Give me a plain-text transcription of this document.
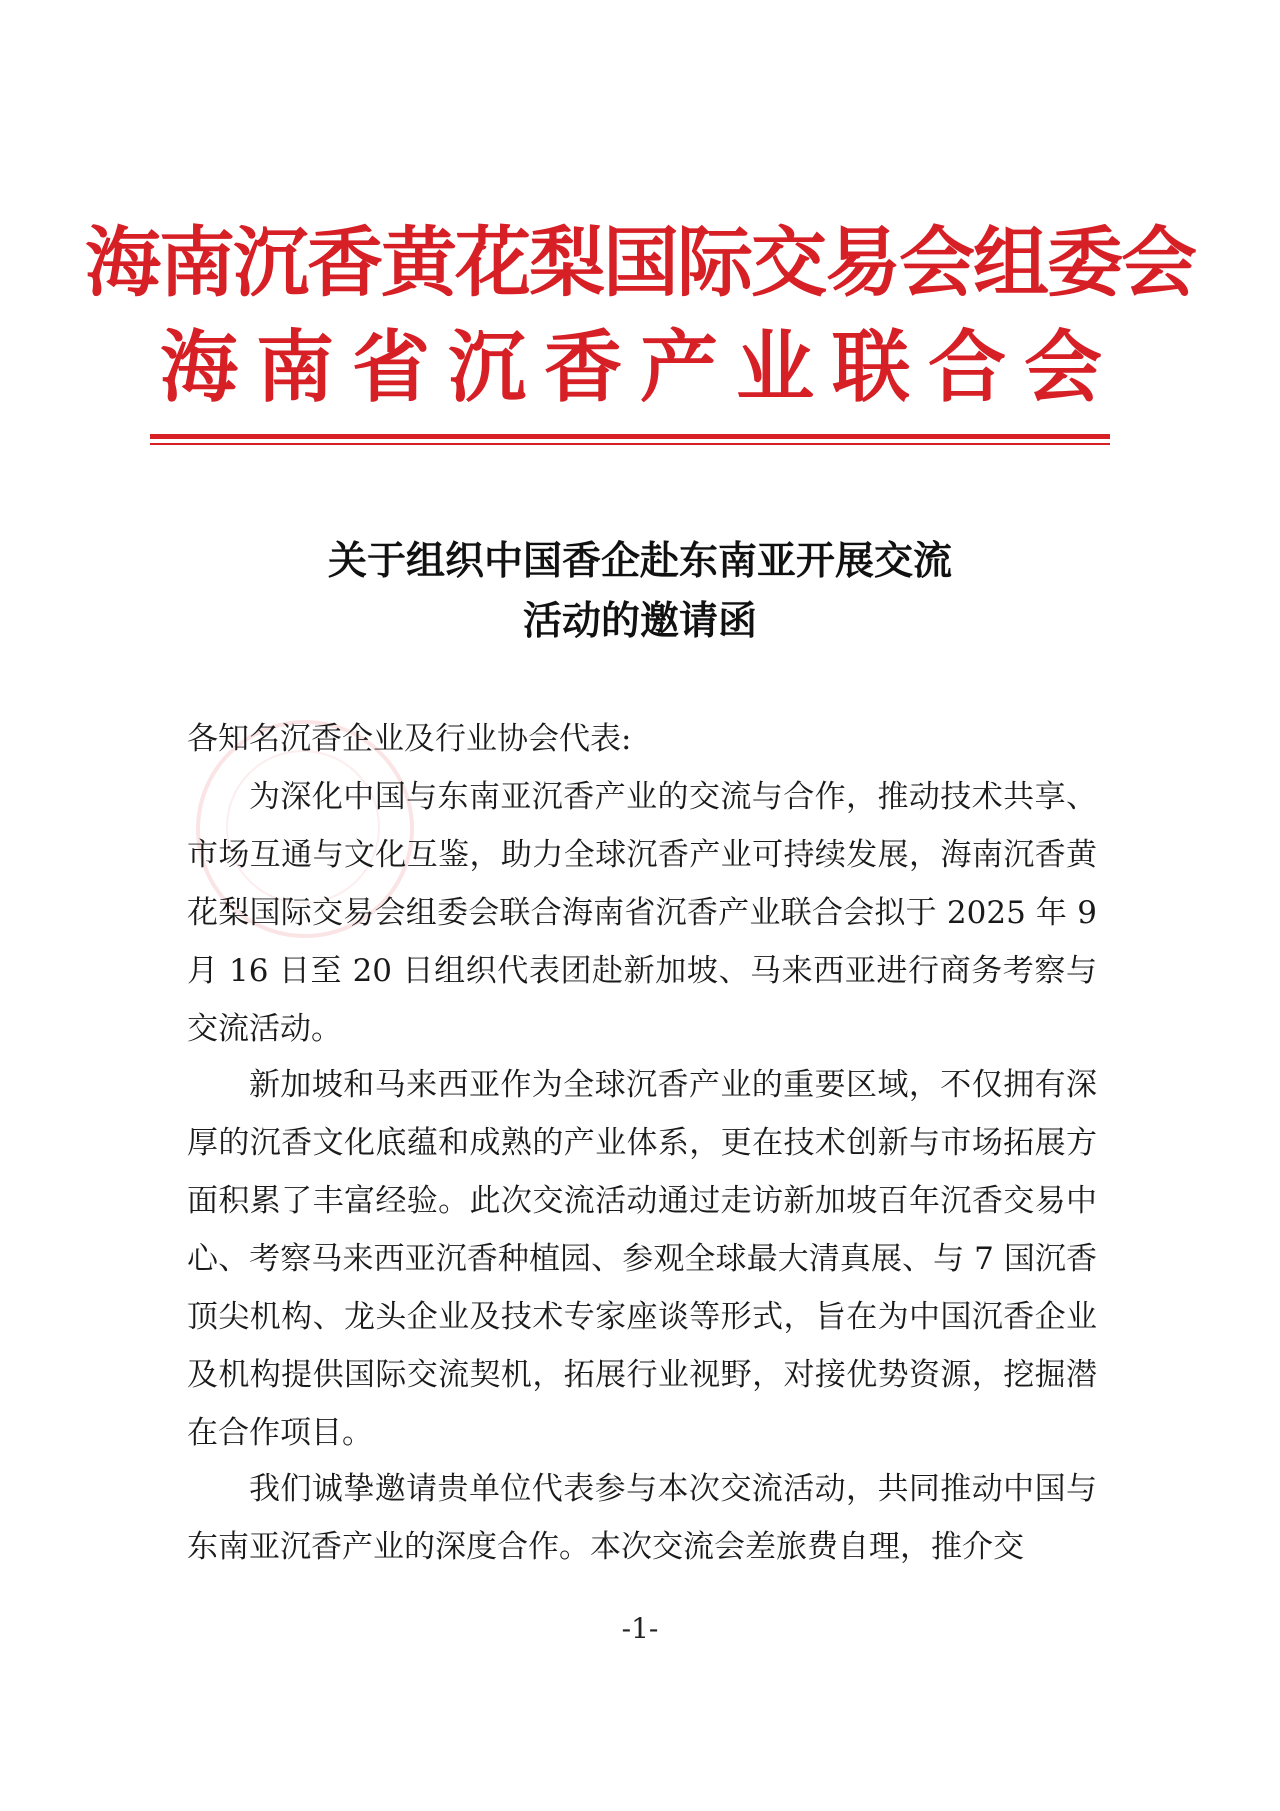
海南沉香黄花梨国际交易会组委会
海南省沉香产业联合会
关于组织中国香企赴东南亚开展交流
活动的邀请函
各知名沉香企业及行业协会代表:

为深化中国与东南亚沉香产业的交流与合作，推动技术共享、市场互通与文化互鉴，助力全球沉香产业可持续发展，海南沉香黄花梨国际交易会组委会联合海南省沉香产业联合会拟于 2025 年 9 月 16 日至 20 日组织代表团赴新加坡、马来西亚进行商务考察与交流活动。

新加坡和马来西亚作为全球沉香产业的重要区域，不仅拥有深厚的沉香文化底蕴和成熟的产业体系，更在技术创新与市场拓展方面积累了丰富经验。此次交流活动通过走访新加坡百年沉香交易中心、考察马来西亚沉香种植园、参观全球最大清真展、与 7 国沉香顶尖机构、龙头企业及技术专家座谈等形式，旨在为中国沉香企业及机构提供国际交流契机，拓展行业视野，对接优势资源，挖掘潜在合作项目。

我们诚挚邀请贵单位代表参与本次交流活动，共同推动中国与东南亚沉香产业的深度合作。本次交流会差旅费自理，推介交

-1-
